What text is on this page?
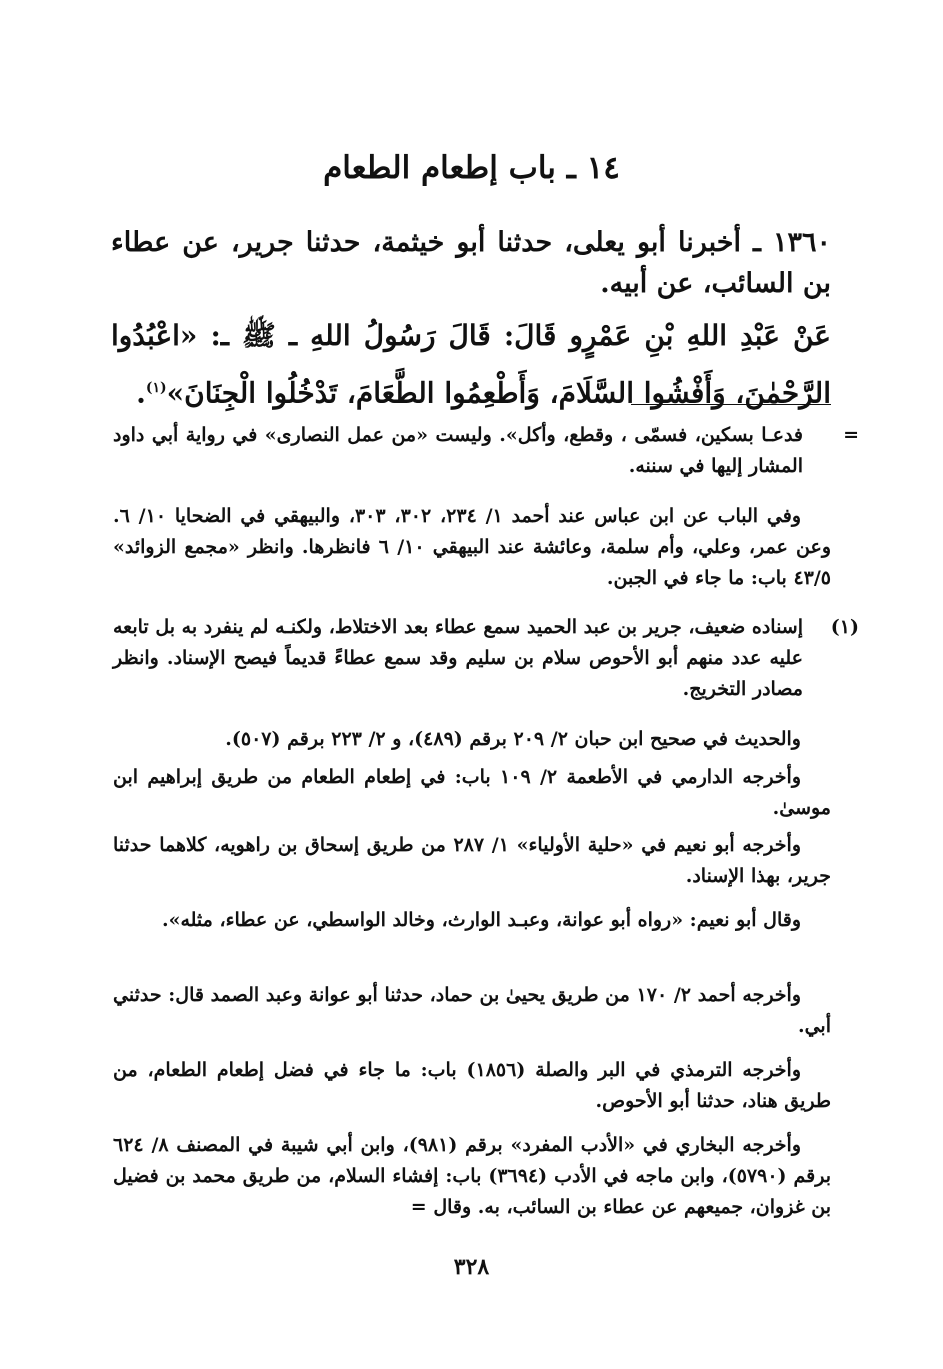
١٤ ـ باب إطعام الطعام

١٣٦٠ ـ أخبرنا أبو يعلى، حدثنا أبو خيثمة، حدثنا جرير، عن عطاء بن السائب، عن أبيه.

عَنْ عَبْدِ اللهِ بْنِ عَمْرٍو قَالَ: قَالَ رَسُولُ اللهِ ـ ﷺ ـ: «اعْبُدُوا الرَّحْمٰنَ، وَأَفْشُوا السَّلَامَ، وَأَطْعِمُوا الطَّعَامَ، تَدْخُلُوا الْجِنَانَ»$^{(١)}$.

=
فدعـا بسكين، فسمّى ، وقطع، وأكل». وليست «من عمل النصارى» في رواية أبي داود المشار إليها في سننه.

وفي الباب عن ابن عباس عند أحمد ١/ ٢٣٤، ٣٠٢، ٣٠٣، والبيهقي في الضحايا ١٠/ ٦. وعن عمر، وعلي، وأم سلمة، وعائشة عند البيهقي ١٠/ ٦ فانظرها. وانظر «مجمع الزوائد» ٤٣/٥ باب: ما جاء في الجبن.

(١)
إسناده ضعيف، جرير بن عبد الحميد سمع عطاء بعد الاختلاط، ولكنـه لم ينفرد به بل تابعه عليه عدد منهم أبو الأحوص سلام بن سليم وقد سمع عطاءً قديماً فيصح الإسناد. وانظر مصادر التخريج.

والحديث في صحيح ابن حبان ٢/ ٢٠٩ برقم (٤٨٩)، و ٢/ ٢٢٣ برقم (٥٠٧).

وأخرجه الدارمي في الأطعمة ٢/ ١٠٩ باب: في إطعام الطعام من طريق إبراهيم ابن موسىٰ.

وأخرجه أبو نعيم في «حلية الأولياء» ١/ ٢٨٧ من طريق إسحاق بن راهويه، كلاهما حدثنا جرير، بهذا الإسناد.

وقال أبو نعيم: «رواه أبو عوانة، وعبـد الوارث، وخالد الواسطي، عن عطاء، مثله».

وأخرجه أحمد ٢/ ١٧٠ من طريق يحيىٰ بن حماد، حدثنا أبو عوانة وعبد الصمد قال: حدثني أبي.

وأخرجه الترمذي في البر والصلة (١٨٥٦) باب: ما جاء في فضل إطعام الطعام، من طريق هناد، حدثنا أبو الأحوص.

وأخرجه البخاري في «الأدب المفرد» برقم (٩٨١)، وابن أبي شيبة في المصنف ٨/ ٦٢٤ برقم (٥٧٩٠)، وابن ماجه في الأدب (٣٦٩٤) باب: إفشاء السلام، من طريق محمد بن فضيل بن غزوان، جميعهم عن عطاء بن السائب، به. وقال =

٣٢٨
